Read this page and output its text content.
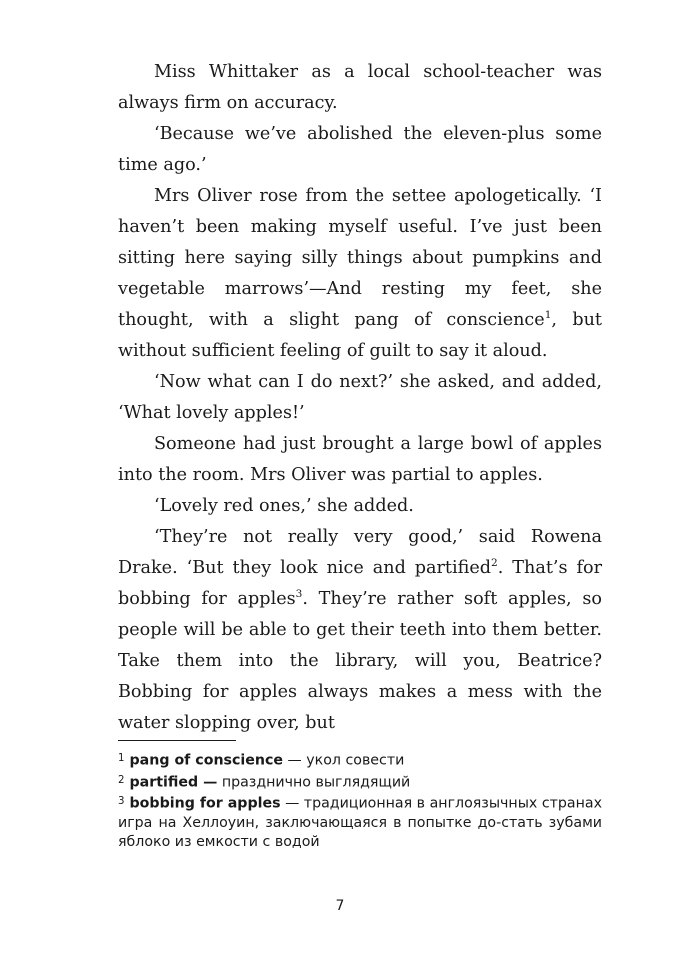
Miss Whittaker as a local school-teacher was always firm on accuracy.

‘Because we’ve abolished the eleven-plus some time ago.’

Mrs Oliver rose from the settee apologetically. ‘I haven’t been making myself useful. I’ve just been sitting here saying silly things about pumpkins and vegetable marrows’—And resting my feet, she thought, with a slight pang of conscience$^1$, but without sufficient feeling of guilt to say it aloud.

‘Now what can I do next?’ she asked, and added, ‘What lovely apples!’

Someone had just brought a large bowl of apples into the room. Mrs Oliver was partial to apples.

‘Lovely red ones,’ she added.

‘They’re not really very good,’ said Rowena Drake. ‘But they look nice and partified$^2$. That’s for bobbing for apples$^3$. They’re rather soft apples, so people will be able to get their teeth into them better. Take them into the library, will you, Beatrice? Bobbing for apples always makes a mess with the water slopping over, but

$^1$ pang of conscience — укол совести

$^2$ partified — празднично выглядящий

$^3$ bobbing for apples — традиционная в англоязычных странах игра на Хеллоуин, заключающаяся в попытке до-стать зубами яблоко из емкости с водой

7
